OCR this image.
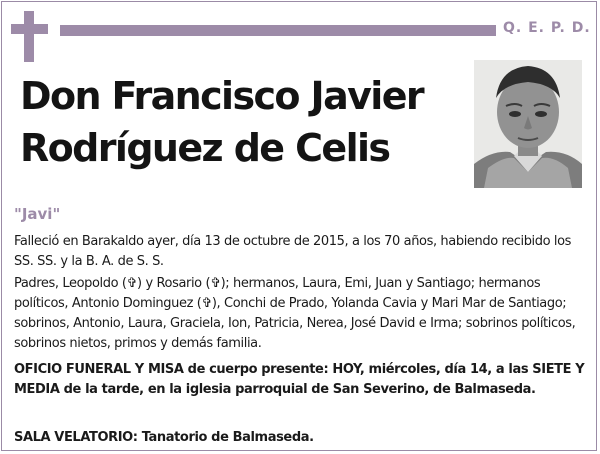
Q. E. P. D.
Don Francisco Javier
Rodríguez de Celis
"Javi"

Falleció en Barakaldo ayer, día 13 de octubre de 2015, a los 70 años, habiendo recibido los SS. SS. y la B. A. de S. S.

Padres, Leopoldo (✞) y Rosario (✞); hermanos, Laura, Emi, Juan y Santiago; hermanos políticos, Antonio Dominguez (✞), Conchi de Prado, Yolanda Cavia y Mari Mar de Santiago; sobrinos, Antonio, Laura, Graciela, Ion, Patricia, Nerea, José David e Irma; sobrinos políticos, sobrinos nietos, primos y demás familia.

OFICIO FUNERAL Y MISA de cuerpo presente: HOY, miércoles, día 14, a las SIETE Y MEDIA de la tarde, en la iglesia parroquial de San Severino, de Balmaseda.

SALA VELATORIO: Tanatorio de Balmaseda.
